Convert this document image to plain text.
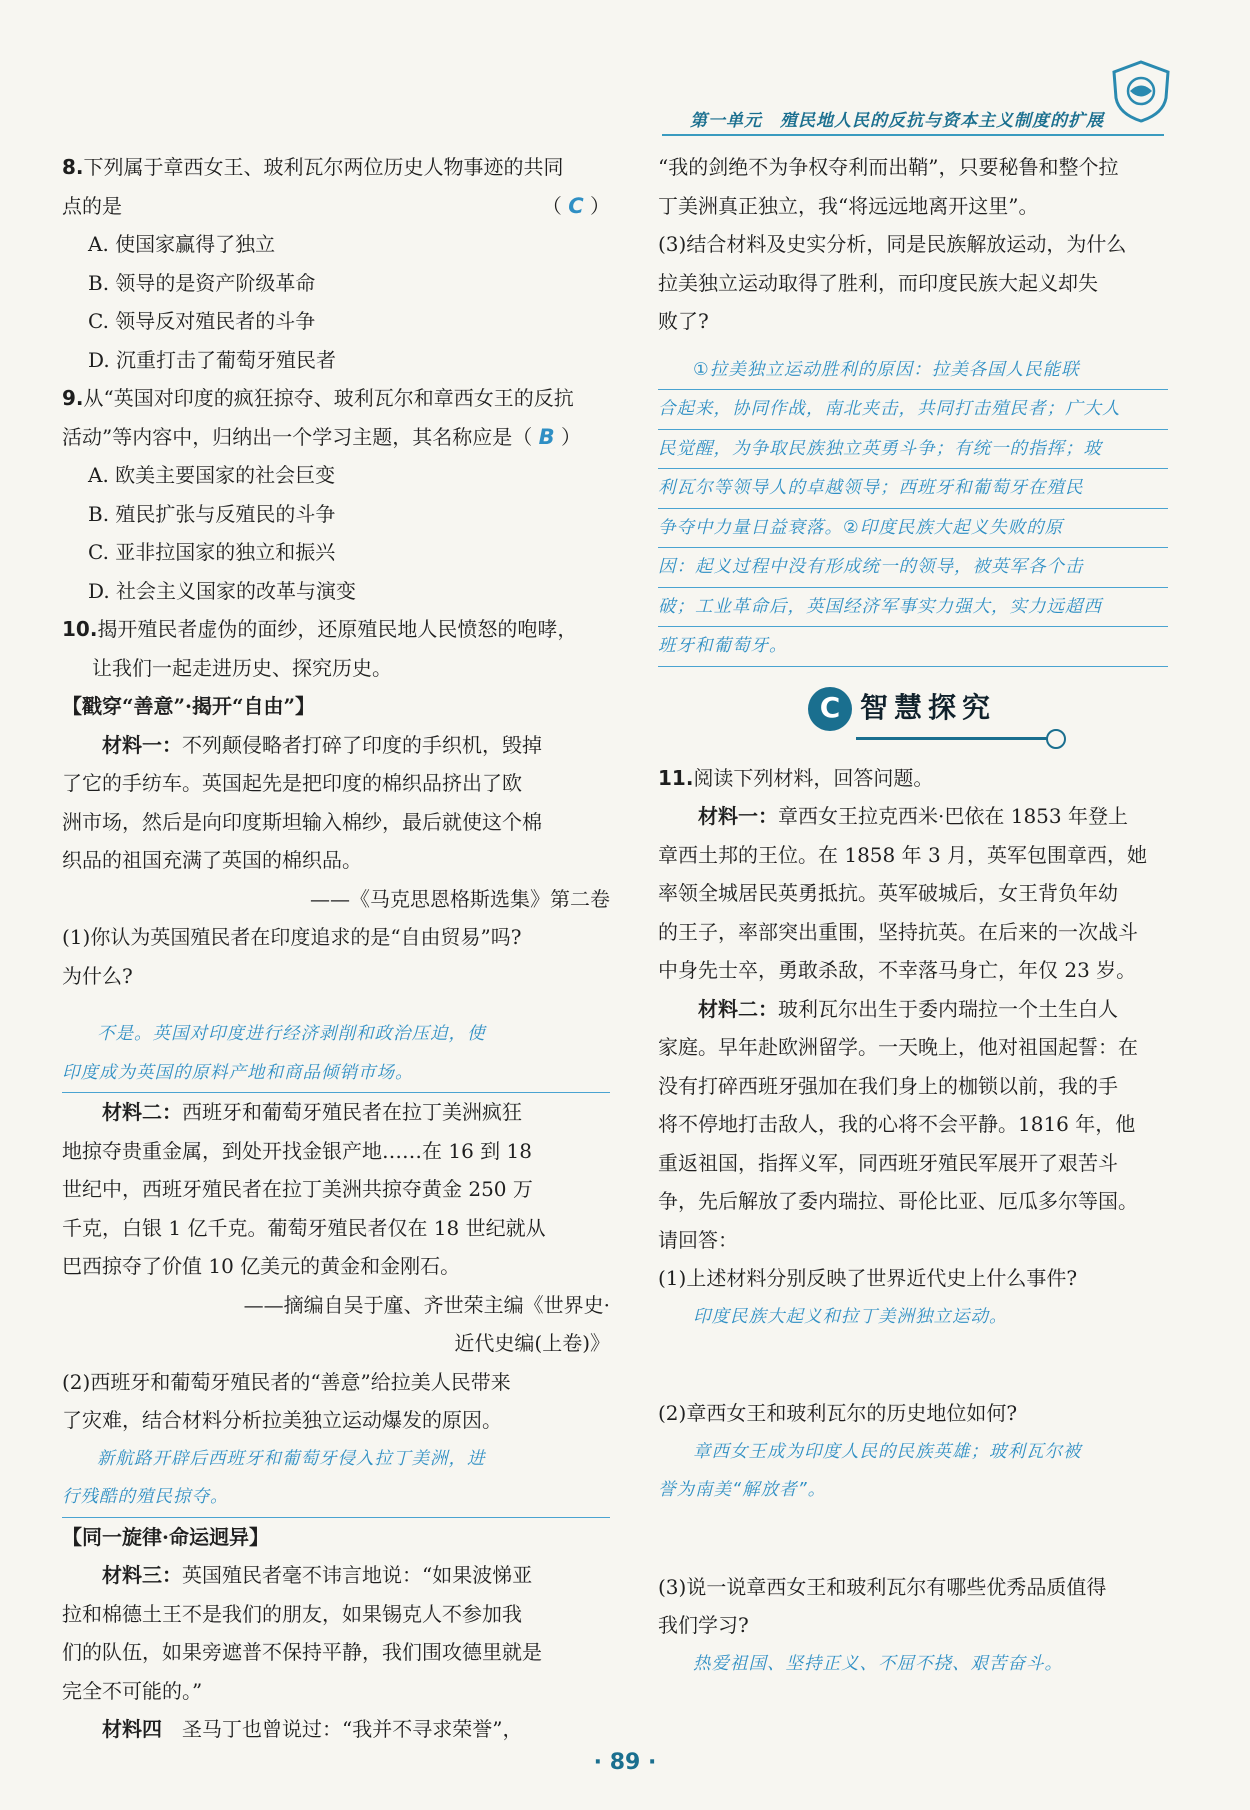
第一单元　殖民地人民的反抗与资本主义制度的扩展

8.下列属于章西女王、玻利瓦尔两位历史人物事迹的共同

点的是	（ C ）

A. 使国家赢得了独立

B. 领导的是资产阶级革命

C. 领导反对殖民者的斗争

D. 沉重打击了葡萄牙殖民者

9.从“英国对印度的疯狂掠夺、玻利瓦尔和章西女王的反抗

活动”等内容中，归纳出一个学习主题，其名称应是（ B ）

A. 欧美主要国家的社会巨变

B. 殖民扩张与反殖民的斗争

C. 亚非拉国家的独立和振兴

D. 社会主义国家的改革与演变

10.揭开殖民者虚伪的面纱，还原殖民地人民愤怒的咆哮，

让我们一起走进历史、探究历史。

【戳穿“善意”·揭开“自由”】

材料一：不列颠侵略者打碎了印度的手织机，毁掉

了它的手纺车。英国起先是把印度的棉织品挤出了欧

洲市场，然后是向印度斯坦输入棉纱，最后就使这个棉

织品的祖国充满了英国的棉织品。

——《马克思恩格斯选集》第二卷

(1)你认为英国殖民者在印度追求的是“自由贸易”吗?

为什么?

不是。英国对印度进行经济剥削和政治压迫，使

印度成为英国的原料产地和商品倾销市场。

材料二：西班牙和葡萄牙殖民者在拉丁美洲疯狂

地掠夺贵重金属，到处开找金银产地……在 16 到 18

世纪中，西班牙殖民者在拉丁美洲共掠夺黄金 250 万

千克，白银 1 亿千克。葡萄牙殖民者仅在 18 世纪就从

巴西掠夺了价值 10 亿美元的黄金和金刚石。

——摘编自吴于廑、齐世荣主编《世界史·

近代史编(上卷)》

(2)西班牙和葡萄牙殖民者的“善意”给拉美人民带来

了灾难，结合材料分析拉美独立运动爆发的原因。

新航路开辟后西班牙和葡萄牙侵入拉丁美洲，进

行残酷的殖民掠夺。

【同一旋律·命运迥异】

材料三：英国殖民者毫不讳言地说：“如果波悌亚

拉和棉德土王不是我们的朋友，如果锡克人不参加我

们的队伍，如果旁遮普不保持平静，我们围攻德里就是

完全不可能的。”

材料四　 圣马丁也曾说过：“我并不寻求荣誉”，

“我的剑绝不为争权夺利而出鞘”，只要秘鲁和整个拉

丁美洲真正独立，我“将远远地离开这里”。

(3)结合材料及史实分析，同是民族解放运动，为什么

拉美独立运动取得了胜利，而印度民族大起义却失

败了?

①拉美独立运动胜利的原因：拉美各国人民能联

合起来，协同作战，南北夹击，共同打击殖民者；广大人

民觉醒，为争取民族独立英勇斗争；有统一的指挥；玻

利瓦尔等领导人的卓越领导；西班牙和葡萄牙在殖民

争夺中力量日益衰落。②印度民族大起义失败的原

因：起义过程中没有形成统一的领导，被英军各个击

破；工业革命后，英国经济军事实力强大，实力远超西

班牙和葡萄牙。

C 智慧探究

11.阅读下列材料，回答问题。

材料一：章西女王拉克西米·巴依在 1853 年登上

章西土邦的王位。在 1858 年 3 月，英军包围章西，她

率领全城居民英勇抵抗。英军破城后，女王背负年幼

的王子，率部突出重围，坚持抗英。在后来的一次战斗

中身先士卒，勇敢杀敌，不幸落马身亡，年仅 23 岁。

材料二：玻利瓦尔出生于委内瑞拉一个土生白人

家庭。早年赴欧洲留学。一天晚上，他对祖国起誓：在

没有打碎西班牙强加在我们身上的枷锁以前，我的手

将不停地打击敌人，我的心将不会平静。1816 年，他

重返祖国，指挥义军，同西班牙殖民军展开了艰苦斗

争，先后解放了委内瑞拉、哥伦比亚、厄瓜多尔等国。

请回答：

(1)上述材料分别反映了世界近代史上什么事件?

印度民族大起义和拉丁美洲独立运动。

(2)章西女王和玻利瓦尔的历史地位如何?

章西女王成为印度人民的民族英雄；玻利瓦尔被

誉为南美“解放者”。

(3)说一说章西女王和玻利瓦尔有哪些优秀品质值得

我们学习?

热爱祖国、坚持正义、不屈不挠、艰苦奋斗。

· 89 ·
